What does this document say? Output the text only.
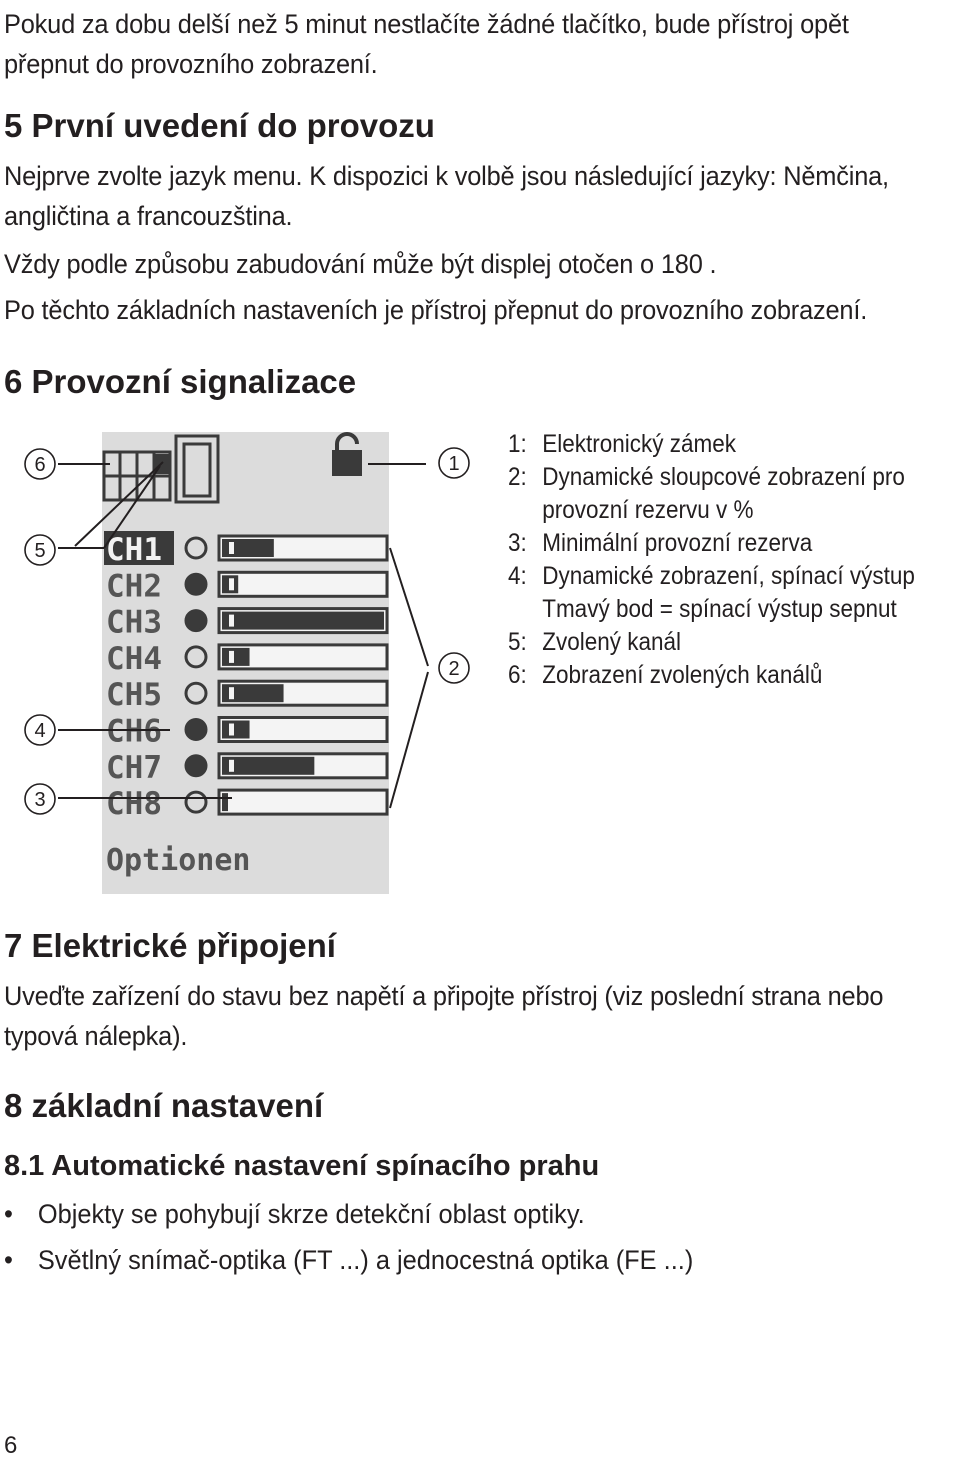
Pokud za dobu delší než 5 minut nestlačíte žádné tlačítko, bude přístroj opět
přepnut do provozního zobrazení.
5 První uvedení do provozu
Nejprve zvolte jazyk menu. K dispozici k volbě jsou následující jazyky: Němčina,
angličtina a francouzština.
Vždy podle způsobu zabudování může být displej otočen o 180 .
Po těchto základních nastaveních je přístroj přepnut do provozního zobrazení.
6 Provozní signalizace
CH1
CH2
CH3
CH4
CH5
CH6
CH7
CH8
Optionen
6
5
4
3
1
2
1: Elektronický zámek
2: Dynamické sloupcové zobrazení pro
provozní rezervu v %
3: Minimální provozní rezerva
4: Dynamické zobrazení, spínací výstup
Tmavý bod = spínací výstup sepnut
5: Zvolený kanál
6: Zobrazení zvolených kanálů
7 Elektrické připojení
Uveďte zařízení do stavu bez napětí a připojte přístroj (viz poslední strana nebo
typová nálepka).
8 základní nastavení
8.1 Automatické nastavení spínacího prahu
• Objekty se pohybují skrze detekční oblast optiky.
• Světlný snímač-optika (FT ...) a jednocestná optika (FE ...)
6
